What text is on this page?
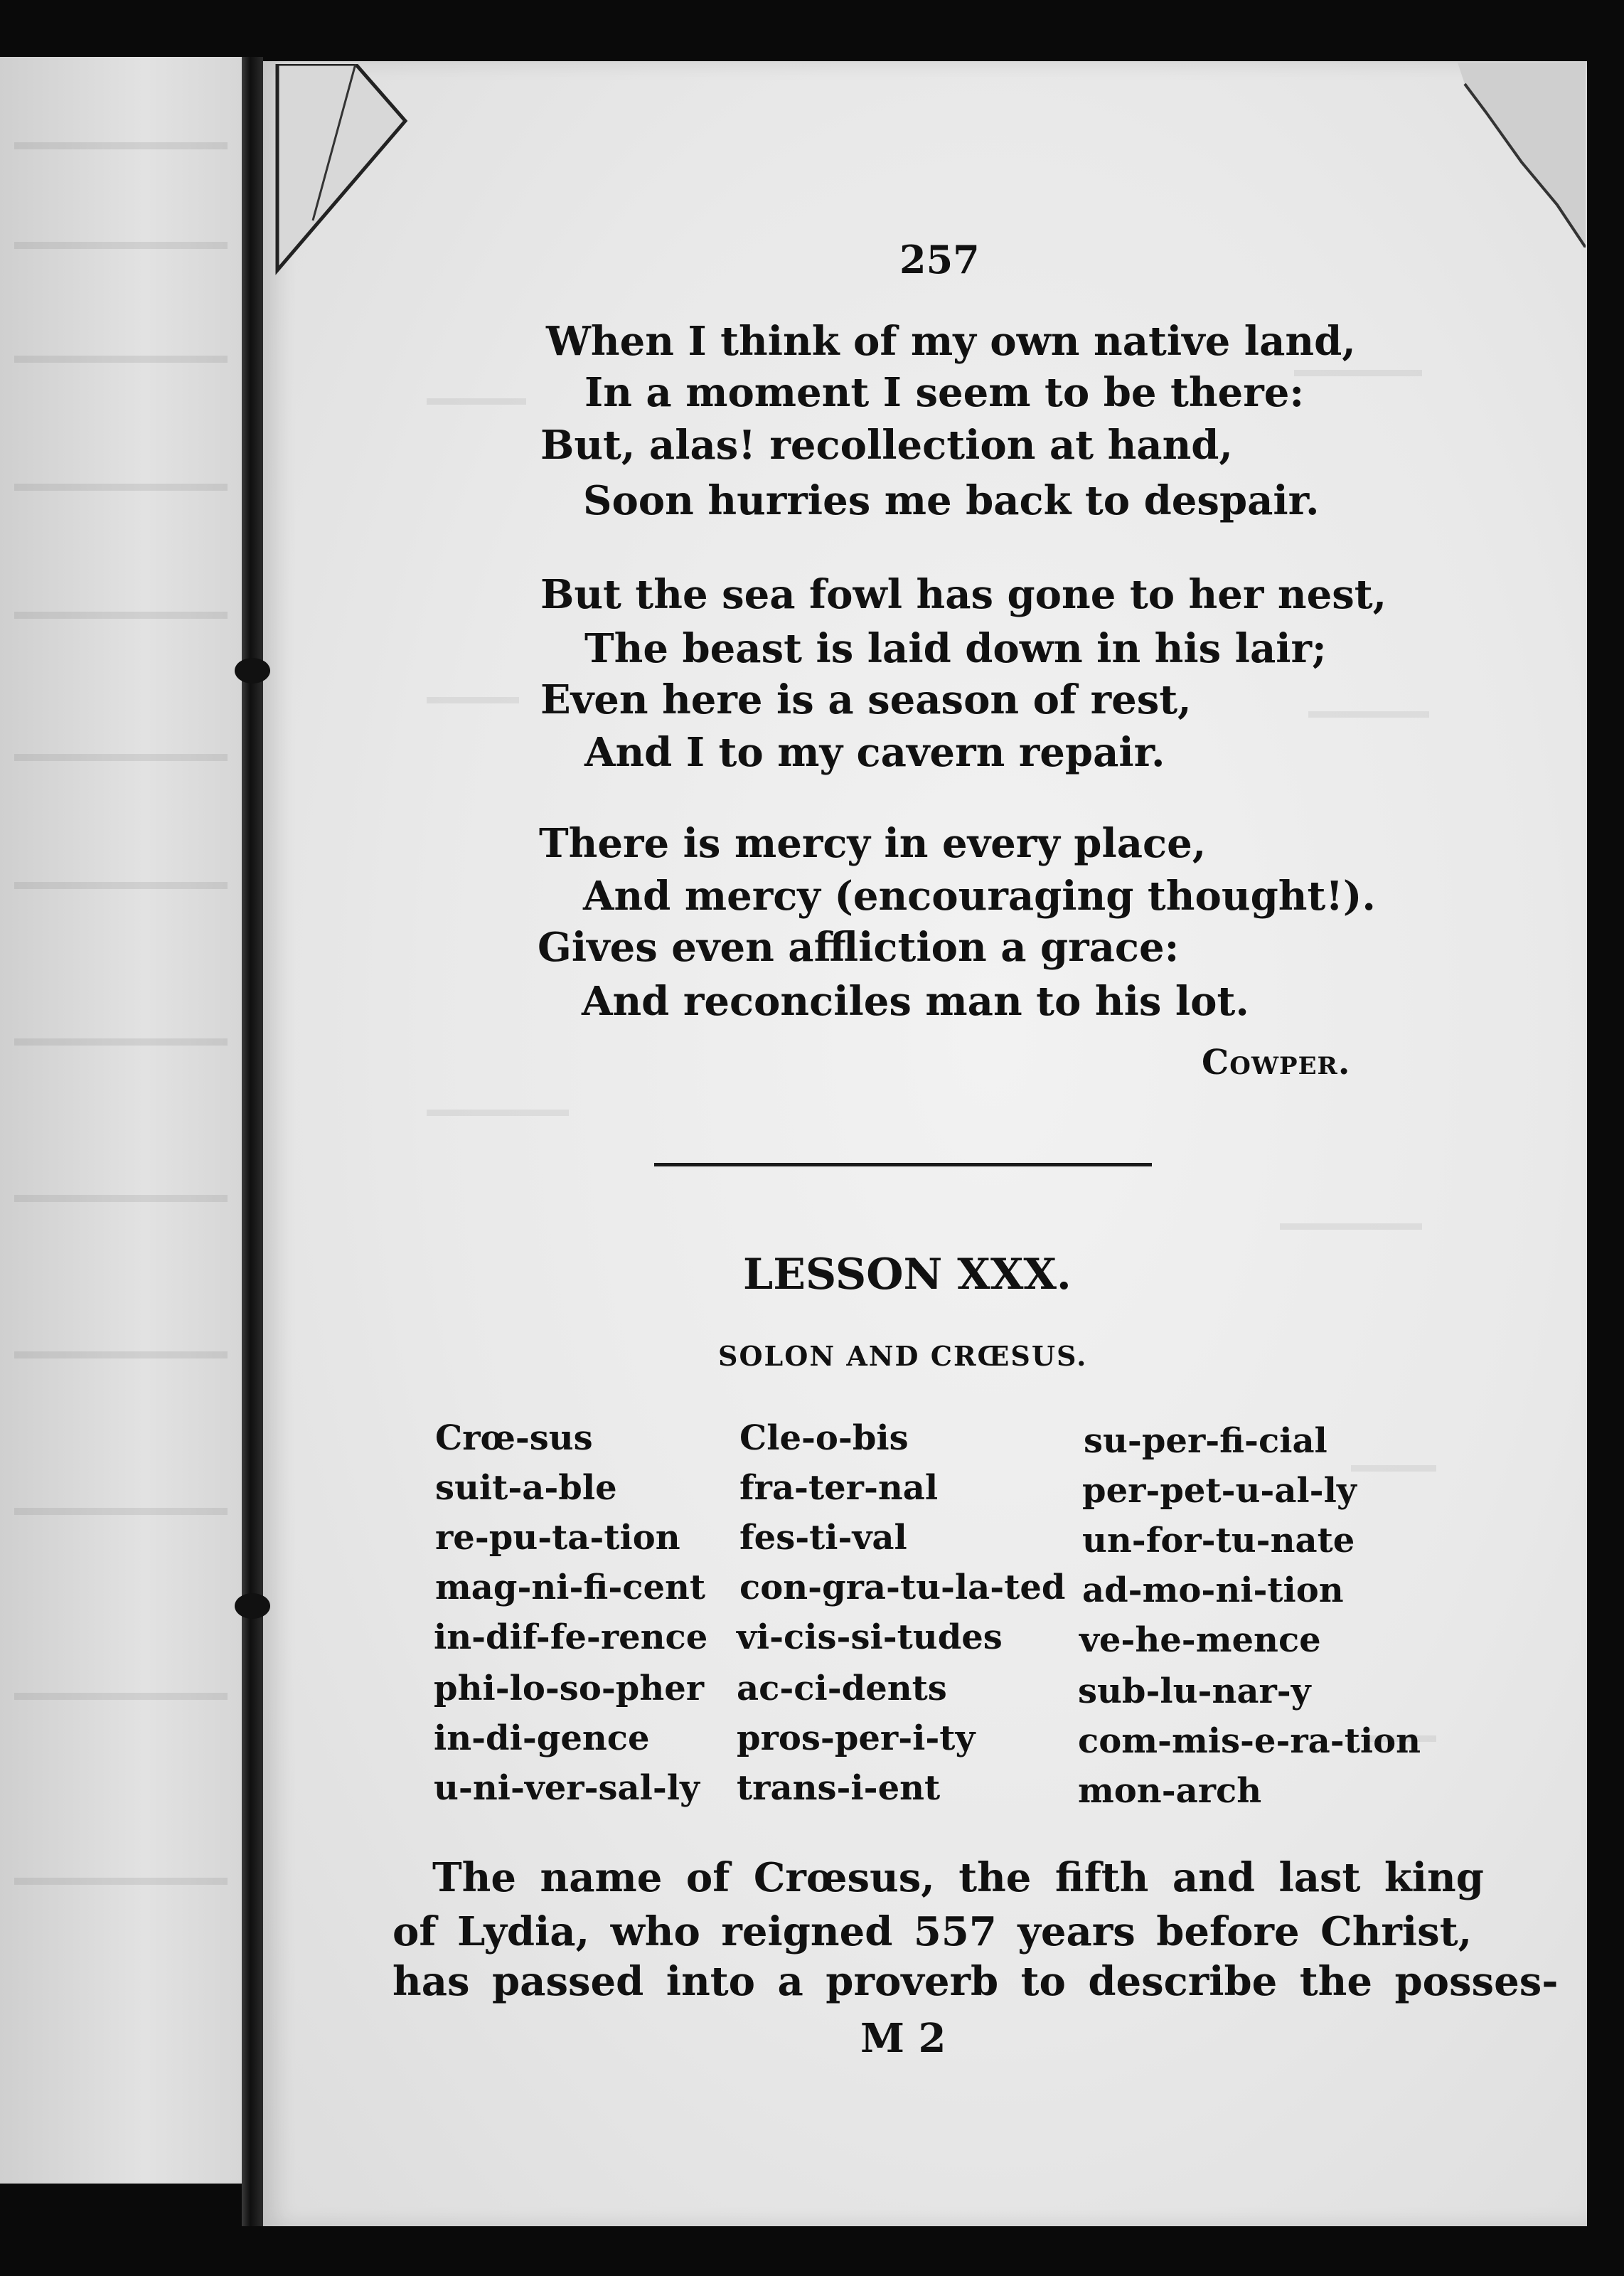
257
When I think of my own native land,
In a moment I seem to be there:
But, alas! recollection at hand,
Soon hurries me back to despair.
But the sea fowl has gone to her nest,
The beast is laid down in his lair;
Even here is a season of rest,
And I to my cavern repair.
There is mercy in every place,
And mercy (encouraging thought!).
Gives even affliction a grace:
And reconciles man to his lot.
Cowper.
LESSON XXX.
SOLON AND CRŒSUS.
Crœ-sus
suit-a-ble
re-pu-ta-tion
mag-ni-fi-cent
in-dif-fe-rence
phi-lo-so-pher
in-di-gence
u-ni-ver-sal-ly
Cle-o-bis
fra-ter-nal
fes-ti-val
con-gra-tu-la-ted
vi-cis-si-tudes
ac-ci-dents
pros-per-i-ty
trans-i-ent
su-per-fi-cial
per-pet-u-al-ly
un-for-tu-nate
ad-mo-ni-tion
ve-he-mence
sub-lu-nar-y
com-mis-e-ra-tion
mon-arch
The name of Crœsus, the fifth and last king
of Lydia, who reigned 557 years before Christ,
has passed into a proverb to describe the posses-
M 2
